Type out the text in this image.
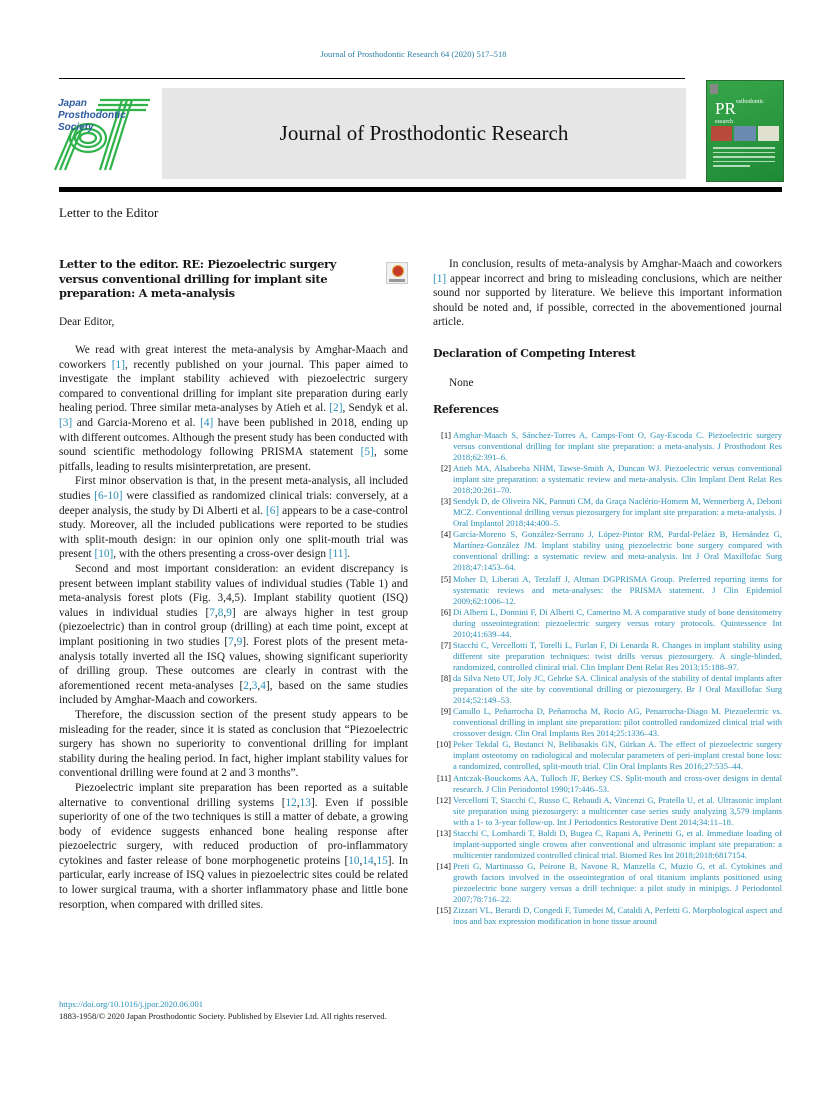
Journal of Prosthodontic Research 64 (2020) 517–518
Japan
Prosthodontic
Society	Journal of Prosthodontic Research
$PR^{osthodontic esearch}$
Letter to the Editor
Letter to the editor. RE: Piezoelectric surgery versus conventional drilling for implant site preparation: A meta-analysis

Dear Editor,

We read with great interest the meta-analysis by Amghar-Maach and coworkers [1], recently published on your journal. This paper aimed to investigate the implant stability achieved with piezoelectric surgery compared to conventional drilling for implant site preparation during early healing period. Three similar meta-analyses by Atieh et al. [2], Sendyk et al. [3] and Garcia-Moreno et al. [4] have been published in 2018, ending up with different outcomes. Although the present study has been conducted with sound scientific methodology following PRISMA statement [5], some pitfalls, leading to results misinterpretation, are present.

First minor observation is that, in the present meta-analysis, all included studies [6-10] were classified as randomized clinical trials: conversely, at a deeper analysis, the study by Di Alberti et al. [6] appears to be a case-control study. Moreover, all the included publications were reported to be studies with split-mouth design: in our opinion only one split-mouth trial was present [10], with the others presenting a cross-over design [11].

Second and most important consideration: an evident discrepancy is present between implant stability values of individual studies (Table 1) and meta-analysis forest plots (Fig. 3,4,5). Implant stability quotient (ISQ) values in individual studies [7,8,9] are always higher in test group (piezoelectric) than in control group (drilling) at each time point, except at implant positioning in two studies [7,9]. Forest plots of the present meta-analysis totally inverted all the ISQ values, showing significant superiority of drilling group. These outcomes are clearly in contrast with the aforementioned recent meta-analyses [2,3,4], based on the same studies included by Amghar-Maach and coworkers.

Therefore, the discussion section of the present study appears to be misleading for the reader, since it is stated as conclusion that “Piezoelectric surgery has shown no superiority to conventional drilling for implant stability during the healing period. In fact, higher implant stability values for conventional drilling were found at 2 and 3 months”.

Piezoelectric implant site preparation has been reported as a suitable alternative to conventional drilling systems [12,13]. Even if possible superiority of one of the two techniques is still a matter of debate, a growing body of evidence suggests enhanced bone healing response after piezoelectric surgery, with reduced production of pro-inflammatory cytokines and faster release of bone morphogenetic proteins [10,14,15]. In particular, early increase of ISQ values in piezoelectric sites could be related to lower surgical trauma, with a shorter inflammatory phase and little bone resorption, when compared with drilled sites.

In conclusion, results of meta-analysis by Amghar-Maach and coworkers [1] appear incorrect and bring to misleading conclusions, which are neither sound nor supported by literature. We believe this important information should be noted and, if possible, corrected in the abovementioned journal article.

Declaration of Competing Interest

None

References
[1] Amghar-Maach S, Sánchez-Torres A, Camps-Font O, Gay-Escoda C. Piezoelectric surgery versus conventional drilling for implant site preparation: a meta-analysis. J Prosthodont Res 2018;62:391–6.
[2] Atieh MA, Alsabeeha NHM, Tawse-Smith A, Duncan WJ. Piezoelectric versus conventional implant site preparation: a systematic review and meta-analysis. Clin Implant Dent Relat Res 2018;20:261–70.
[3] Sendyk D, de Oliveira NK, Pannuti CM, da Graça Naclério-Homem M, Wennerberg A, Deboni MCZ. Conventional drilling versus piezosurgery for implant site preparation: a meta-analysis. J Oral Implantol 2018;44:400–5.
[4] García-Moreno S, González-Serrano J, López-Pintor RM, Pardal-Peláez B, Hernández G, Martínez-González JM. Implant stability using piezoelectric bone surgery compared with conventional drilling: a systematic review and meta-analysis. Int J Oral Maxillofac Surg 2018;47:1453–64.
[5] Moher D, Liberati A, Tetzlaff J, Altman DGPRISMA Group. Preferred reporting items for systematic reviews and meta-analyses: the PRISMA statement. J Clin Epidemiol 2009;62:1006–12.
[6] Di Alberti L, Donnini F, Di Alberti C, Camerino M. A comparative study of bone densitometry during osseointegration: piezoelectric surgery versus rotary protocols. Quintessence Int 2010;41:639–44.
[7] Stacchi C, Vercellotti T, Torelli L, Furlan F, Di Lenarda R. Changes in implant stability using different site preparation techniques: twist drills versus piezosurgery. A single-blinded, randomized, controlled clinical trial. Clin Implant Dent Relat Res 2013;15:188–97.
[8] da Silva Neto UT, Joly JC, Gehrke SA. Clinical analysis of the stability of dental implants after preparation of the site by conventional drilling or piezosurgery. Br J Oral Maxillofac Surg 2014;52:149–53.
[9] Canullo L, Peñarrocha D, Peñarrocha M, Rocio AG, Penarrocha-Diago M. Piezoelectric vs. conventional drilling in implant site preparation: pilot controlled randomized clinical trial with crossover design. Clin Oral Implants Res 2014;25:1336–43.
[10] Peker Tekdal G, Bostanci N, Belibasakis GN, Gürkan A. The effect of piezoelectric surgery implant osteotomy on radiological and molecular parameters of peri-implant crestal bone loss: a randomized, controlled, split-mouth trial. Clin Oral Implants Res 2016;27:535–44.
[11] Antczak-Bouckoms AA, Tulloch JF, Berkey CS. Split-mouth and cross-over designs in dental research. J Clin Periodontol 1990;17:446–53.
[12] Vercellotti T, Stacchi C, Russo C, Rebaudi A, Vincenzi G, Pratella U, et al. Ultrasonic implant site preparation using piezosurgery: a multicenter case series study analyzing 3,579 implants with a 1- to 3-year follow-up. Int J Periodontics Restorative Dent 2014;34:11–18.
[13] Stacchi C, Lombardi T, Baldi D, Bugea C, Rapani A, Perinetti G, et al. Immediate loading of implant-supported single crowns after conventional and ultrasonic implant site preparation: a multicenter randomized controlled clinical trial. Biomed Res Int 2018;2018:6817154.
[14] Preti G, Martinasso G, Peirone B, Navone R, Manzella C, Muzio G, et al. Cytokines and growth factors involved in the osseointegration of oral titanium implants positioned using piezoelectric bone surgery versus a drill technique: a pilot study in minipigs. J Periodontol 2007;78:716–22.
[15] Zizzari VL, Berardi D, Congedi F, Tumedei M, Cataldi A, Perfetti G. Morphological aspect and inos and bax expression modification in bone tissue around
https://doi.org/10.1016/j.jpor.2020.06.001
1883-1958/© 2020 Japan Prosthodontic Society. Published by Elsevier Ltd. All rights reserved.
